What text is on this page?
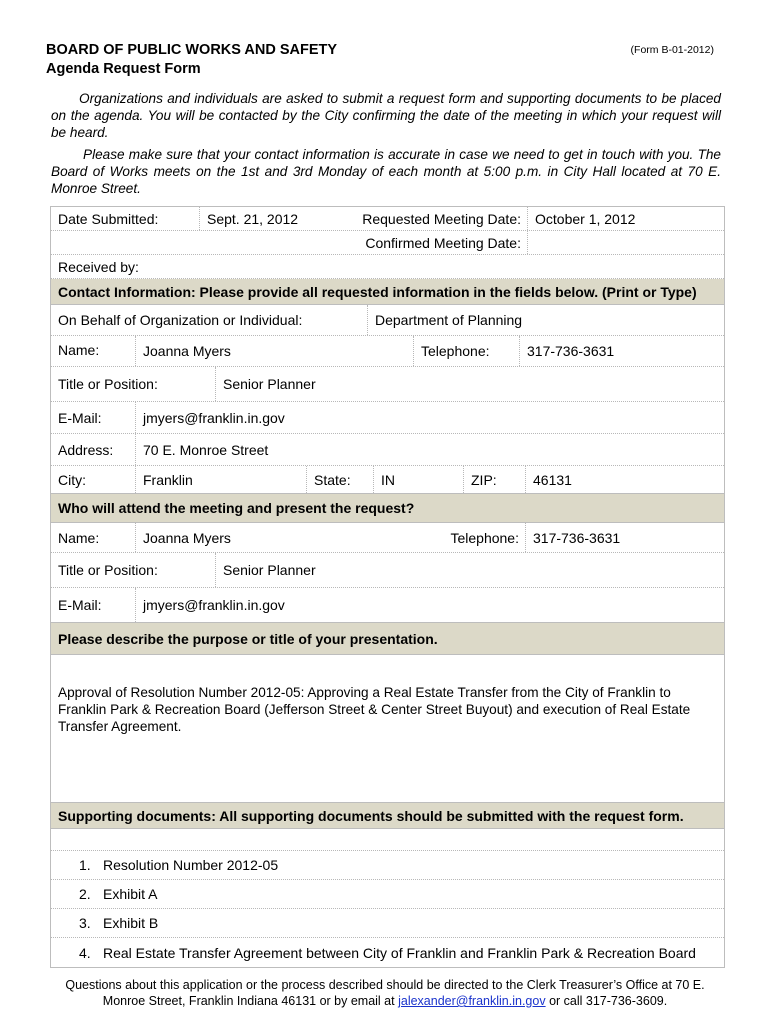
BOARD OF PUBLIC WORKS AND SAFETY
Agenda Request Form
(Form B-01-2012)

Organizations and individuals are asked to submit a request form and supporting documents to be placed on the agenda. You will be contacted by the City confirming the date of the meeting in which your request will be heard.

Please make sure that your contact information is accurate in case we need to get in touch with you. The Board of Works meets on the 1st and 3rd Monday of each month at 5:00 p.m. in City Hall located at 70 E. Monroe Street.

Date Submitted:	Sept. 21, 2012	Requested Meeting Date:	October 1, 2012
Confirmed Meeting Date:
Received by:
Contact Information: Please provide all requested information in the fields below. (Print or Type)
On Behalf of Organization or Individual:	Department of Planning
Name:	Joanna Myers	Telephone:	317-736-3631
Title or Position:	Senior Planner
E-Mail:	jmyers@franklin.in.gov
Address:	70 E. Monroe Street
City:	Franklin	State:	IN	ZIP:	46131
Who will attend the meeting and present the request?
Name:	Joanna Myers	Telephone:	317-736-3631
Title or Position:	Senior Planner
E-Mail:	jmyers@franklin.in.gov
Please describe the purpose or title of your presentation.

Approval of Resolution Number 2012-05: Approving a Real Estate Transfer from the City of Franklin to Franklin Park & Recreation Board (Jefferson Street & Center Street Buyout) and execution of Real Estate Transfer Agreement.

Supporting documents: All supporting documents should be submitted with the request form.
1. Resolution Number 2012-05
2. Exhibit A
3. Exhibit B
4. Real Estate Transfer Agreement between City of Franklin and Franklin Park & Recreation Board
Questions about this application or the process described should be directed to the Clerk Treasurer’s Office at 70 E.
Monroe Street, Franklin Indiana 46131 or by email at jalexander@franklin.in.gov or call 317-736-3609.
